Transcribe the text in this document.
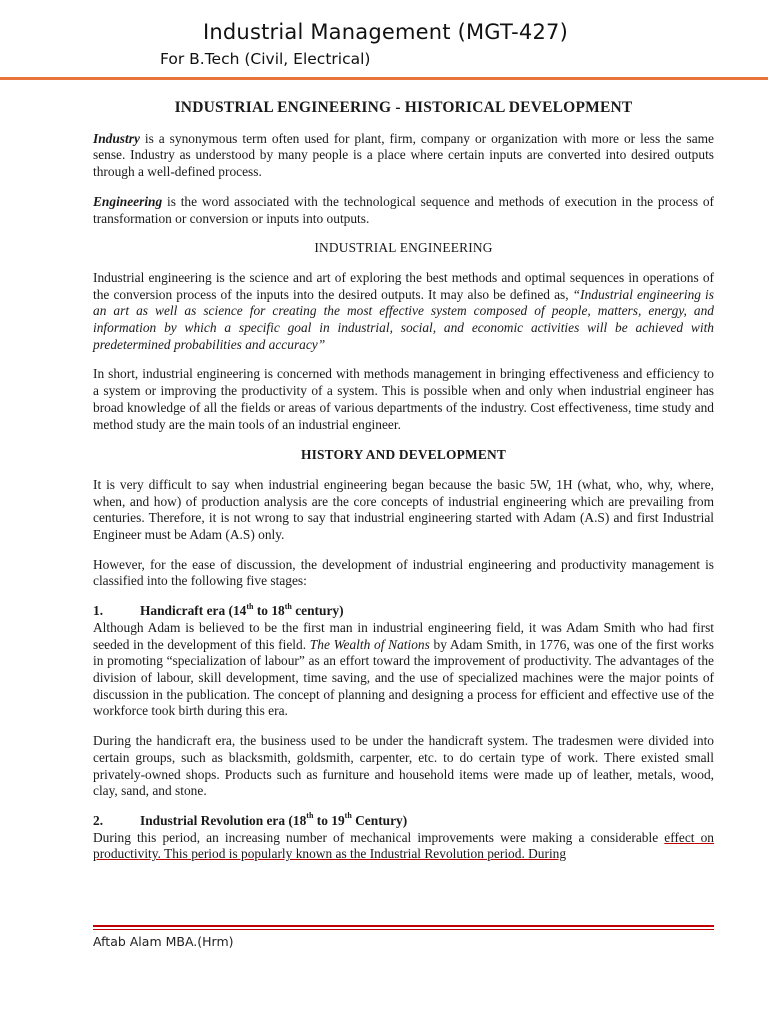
Industrial Management (MGT-427)
For B.Tech (Civil, Electrical)
INDUSTRIAL ENGINEERING - HISTORICAL DEVELOPMENT

Industry is a synonymous term often used for plant, firm, company or organization with more or less the same sense. Industry as understood by many people is a place where certain inputs are converted into desired outputs through a well-defined process.

Engineering is the word associated with the technological sequence and methods of execution in the process of transformation or conversion or inputs into outputs.

INDUSTRIAL ENGINEERING

Industrial engineering is the science and art of exploring the best methods and optimal sequences in operations of the conversion process of the inputs into the desired outputs. It may also be defined as, “Industrial engineering is an art as well as science for creating the most effective system composed of people, matters, energy, and information by which a specific goal in industrial, social, and economic activities will be achieved with predetermined probabilities and accuracy”

In short, industrial engineering is concerned with methods management in bringing effectiveness and efficiency to a system or improving the productivity of a system. This is possible when and only when industrial engineer has broad knowledge of all the fields or areas of various departments of the industry. Cost effectiveness, time study and method study are the main tools of an industrial engineer.

HISTORY AND DEVELOPMENT

It is very difficult to say when industrial engineering began because the basic 5W, 1H (what, who, why, where, when, and how) of production analysis are the core concepts of industrial engineering which are prevailing from centuries. Therefore, it is not wrong to say that industrial engineering started with Adam (A.S) and first Industrial Engineer must be Adam (A.S) only.

However, for the ease of discussion, the development of industrial engineering and productivity management is classified into the following five stages:

1.	Handicraft era (14th to 18th century)

Although Adam is believed to be the first man in industrial engineering field, it was Adam Smith who had first seeded in the development of this field. The Wealth of Nations by Adam Smith, in 1776, was one of the first works in promoting “specialization of labour” as an effort toward the improvement of productivity. The advantages of the division of labour, skill development, time saving, and the use of specialized machines were the major points of discussion in the publication. The concept of planning and designing a process for efficient and effective use of the workforce took birth during this era.

During the handicraft era, the business used to be under the handicraft system. The tradesmen were divided into certain groups, such as blacksmith, goldsmith, carpenter, etc. to do certain type of work. There existed small privately-owned shops. Products such as furniture and household items were made up of leather, metals, wood, clay, sand, and stone.

2.	Industrial Revolution era (18th to 19th Century)

During this period, an increasing number of mechanical improvements were making a considerable effect on productivity. This period is popularly known as the Industrial Revolution period. During

Aftab Alam MBA.(Hrm)
